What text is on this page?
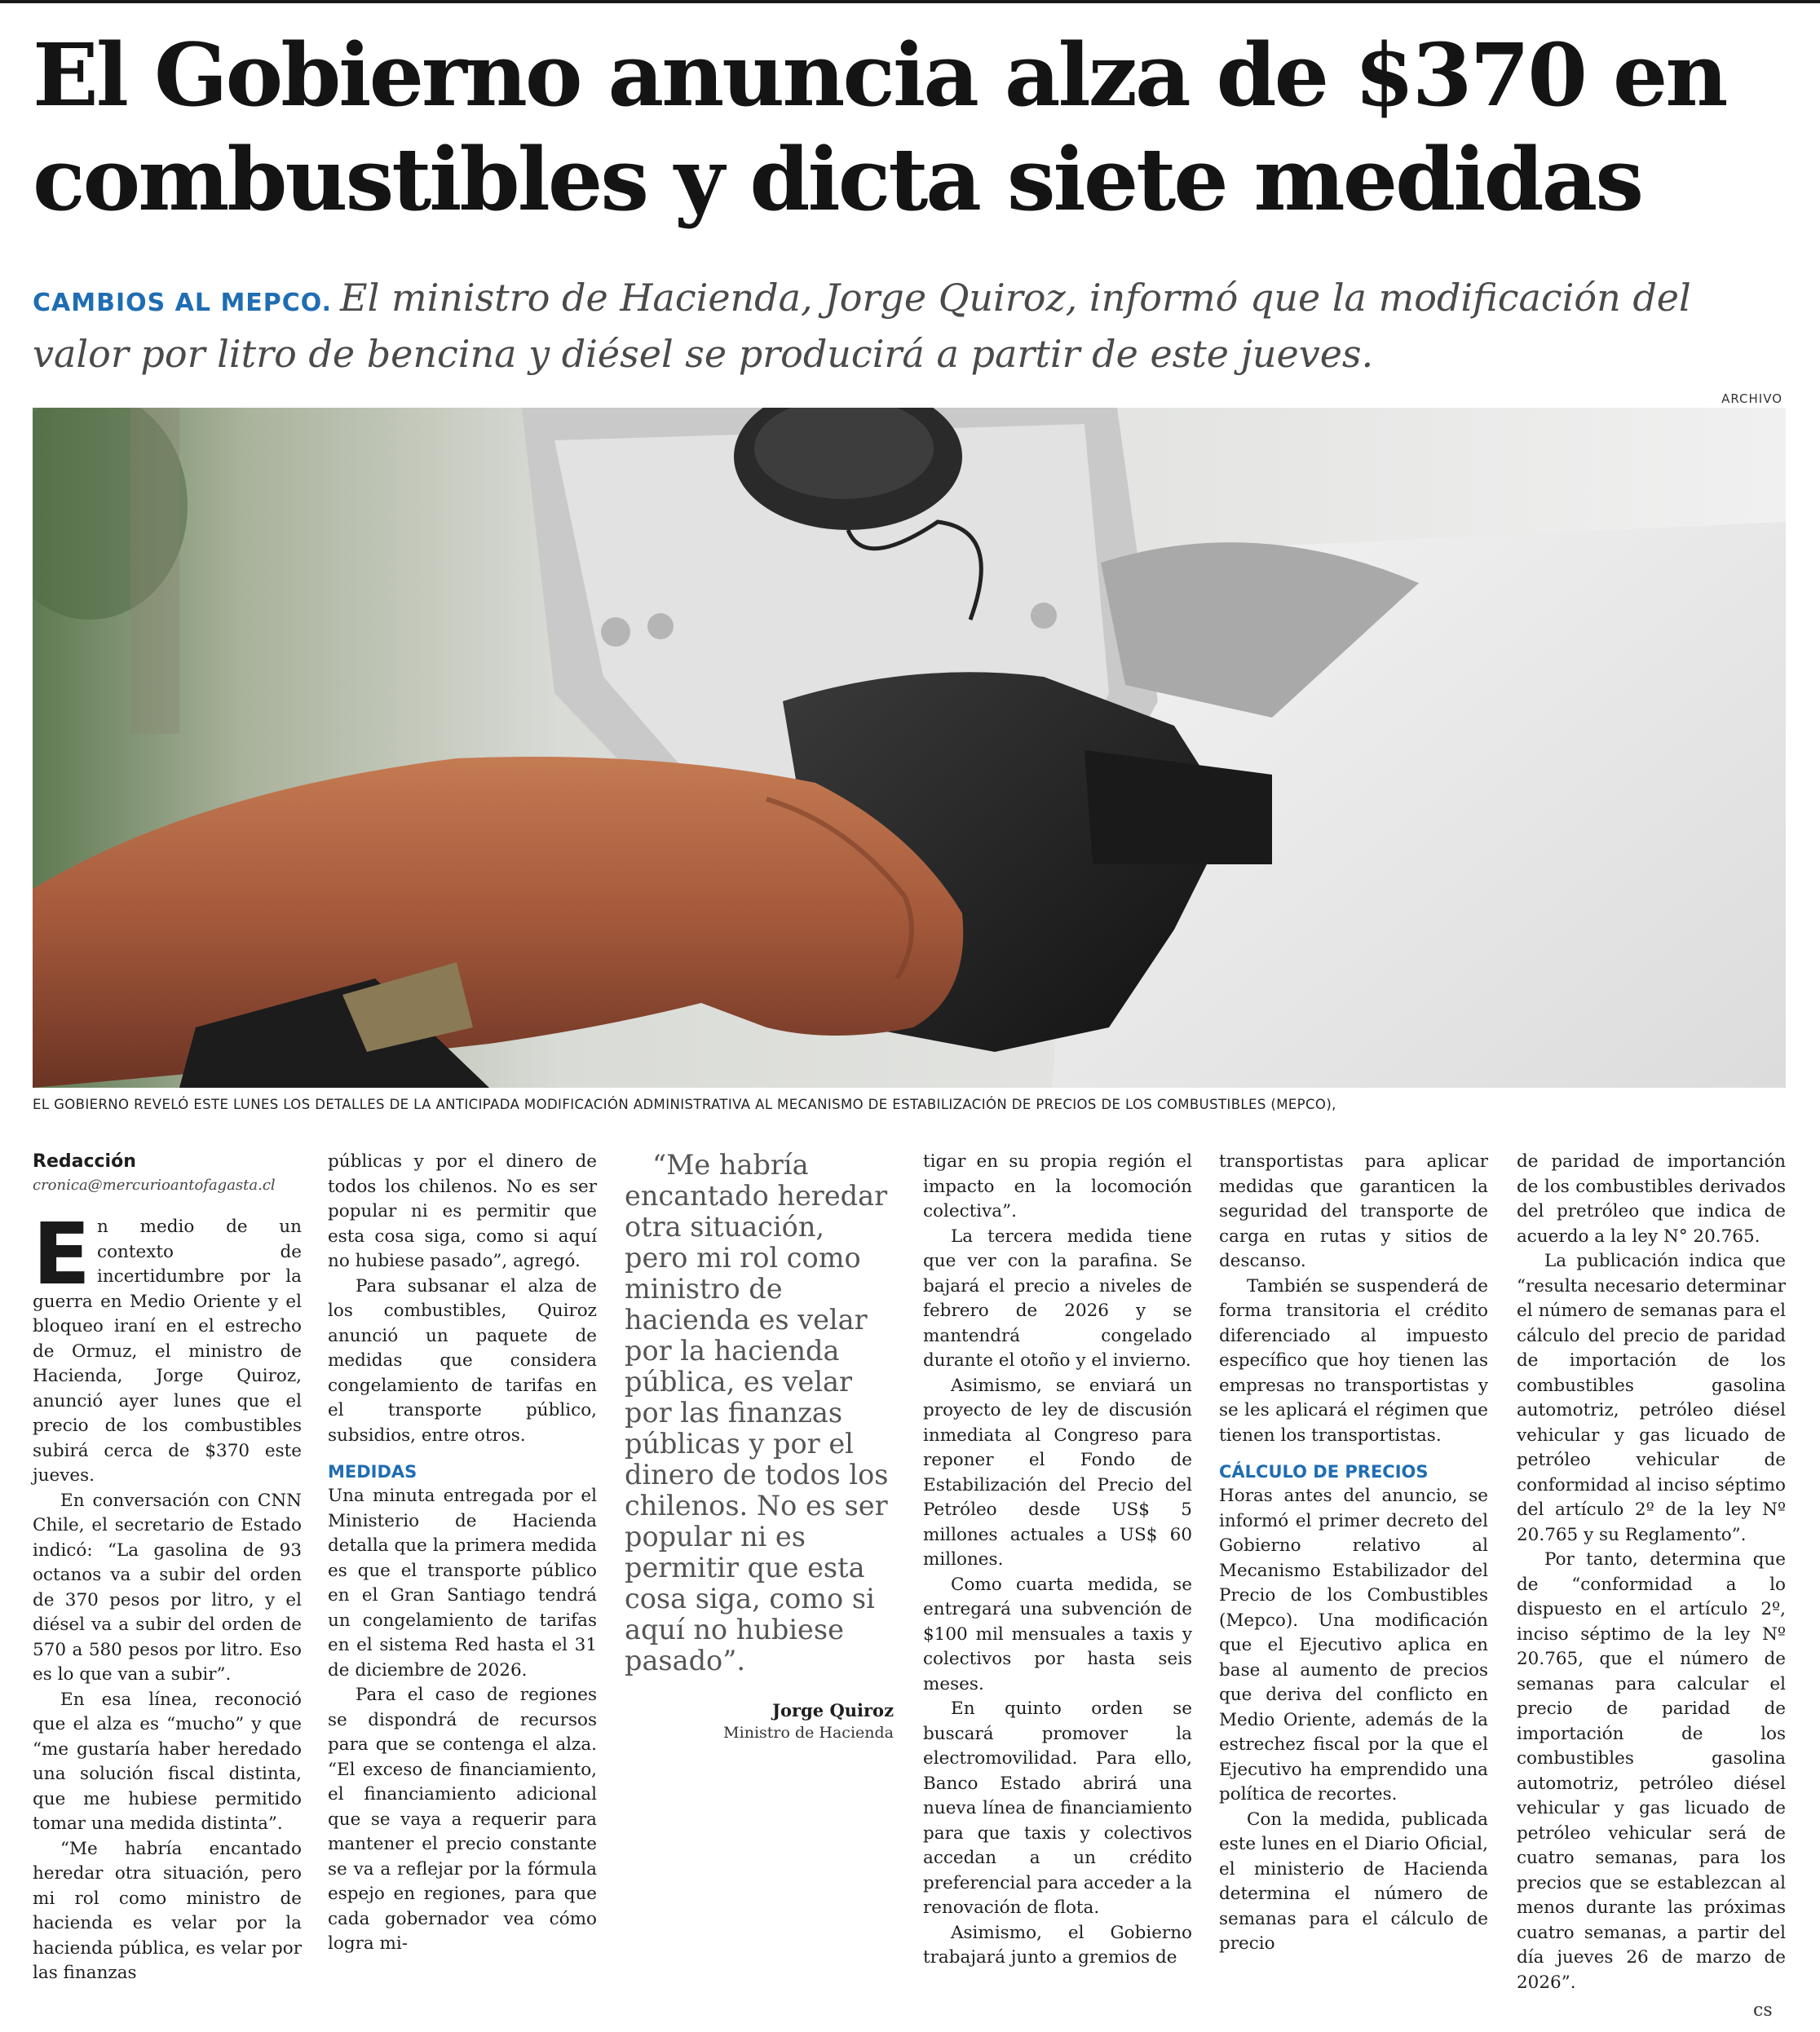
El Gobierno anuncia alza de $370 en combustibles y dicta siete medidas
CAMBIOS AL MEPCO. El ministro de Hacienda, Jorge Quiroz, informó que la modificación del valor por litro de bencina y diésel se producirá a partir de este jueves.
ARCHIVO
EL GOBIERNO REVELÓ ESTE LUNES LOS DETALLES DE LA ANTICIPADA MODIFICACIÓN ADMINISTRATIVA AL MECANISMO DE ESTABILIZACIÓN DE PRECIOS DE LOS COMBUSTIBLES (MEPCO),
Redacción
cronica@mercurioantofagasta.cl

En medio de un contexto de incertidumbre por la guerra en Medio Oriente y el bloqueo iraní en el estrecho de Ormuz, el ministro de Hacienda, Jorge Quiroz, anunció ayer lunes que el precio de los combustibles subirá cerca de $370 este jueves.

En conversación con CNN Chile, el secretario de Estado indicó: “La gasolina de 93 octanos va a subir del orden de 370 pesos por litro, y el diésel va a subir del orden de 570 a 580 pesos por litro. Eso es lo que van a subir”.

En esa línea, reconoció que el alza es “mucho” y que “me gustaría haber heredado una solución fiscal distinta, que me hubiese permitido tomar una medida distinta”.

“Me habría encantado heredar otra situación, pero mi rol como ministro de hacienda es velar por la hacienda pública, es velar por las finanzas

públicas y por el dinero de todos los chilenos. No es ser popular ni es permitir que esta cosa siga, como si aquí no hubiese pasado”, agregó.

Para subsanar el alza de los combustibles, Quiroz anunció un paquete de medidas que considera congelamiento de tarifas en el transporte público, subsidios, entre otros.

MEDIDAS

Una minuta entregada por el Ministerio de Hacienda detalla que la primera medida es que el transporte público en el Gran Santiago tendrá un congelamiento de tarifas en el sistema Red hasta el 31 de diciembre de 2026.

Para el caso de regiones se dispondrá de recursos para que se contenga el alza. “El exceso de financiamiento, el financiamiento adicional que se vaya a requerir para mantener el precio constante se va a reflejar por la fórmula espejo en regiones, para que cada gobernador vea cómo logra mi-

“Me habría encantado heredar otra situación, pero mi rol como ministro de hacienda es velar por la hacienda pública, es velar por las finanzas públicas y por el dinero de todos los chilenos. No es ser popular ni es permitir que esta cosa siga, como si aquí no hubiese pasado”.

Jorge Quiroz
Ministro de Hacienda

tigar en su propia región el impacto en la locomoción colectiva”.

La tercera medida tiene que ver con la parafina. Se bajará el precio a niveles de febrero de 2026 y se mantendrá congelado durante el otoño y el invierno.

Asimismo, se enviará un proyecto de ley de discusión inmediata al Congreso para reponer el Fondo de Estabilización del Precio del Petróleo desde US$ 5 millones actuales a US$ 60 millones.

Como cuarta medida, se entregará una subvención de $100 mil mensuales a taxis y colectivos por hasta seis meses.

En quinto orden se buscará promover la electromovilidad. Para ello, Banco Estado abrirá una nueva línea de financiamiento para que taxis y colectivos accedan a un crédito preferencial para acceder a la renovación de flota.

Asimismo, el Gobierno trabajará junto a gremios de

transportistas para aplicar medidas que garanticen la seguridad del transporte de carga en rutas y sitios de descanso.

También se suspenderá de forma transitoria el crédito diferenciado al impuesto específico que hoy tienen las empresas no transportistas y se les aplicará el régimen que tienen los transportistas.

CÁLCULO DE PRECIOS

Horas antes del anuncio, se informó el primer decreto del Gobierno relativo al Mecanismo Estabilizador del Precio de los Combustibles (Mepco). Una modificación que el Ejecutivo aplica en base al aumento de precios que deriva del conflicto en Medio Oriente, además de la estrechez fiscal por la que el Ejecutivo ha emprendido una política de recortes.

Con la medida, publicada este lunes en el Diario Oficial, el ministerio de Hacienda determina el número de semanas para el cálculo de precio

de paridad de importanción de los combustibles derivados del pretróleo que indica de acuerdo a la ley N° 20.765.

La publicación indica que “resulta necesario determinar el número de semanas para el cálculo del precio de paridad de importación de los combustibles gasolina automotriz, petróleo diésel vehicular y gas licuado de petróleo vehicular de conformidad al inciso séptimo del artículo 2º de la ley Nº 20.765 y su Reglamento”.

Por tanto, determina que de “conformidad a lo dispuesto en el artículo 2º, inciso séptimo de la ley Nº 20.765, que el número de semanas para calcular el precio de paridad de importación de los combustibles gasolina automotriz, petróleo diésel vehicular y gas licuado de petróleo vehicular será de cuatro semanas, para los precios que se establezcan al menos durante las próximas cuatro semanas, a partir del día jueves 26 de marzo de 2026”.

cs
